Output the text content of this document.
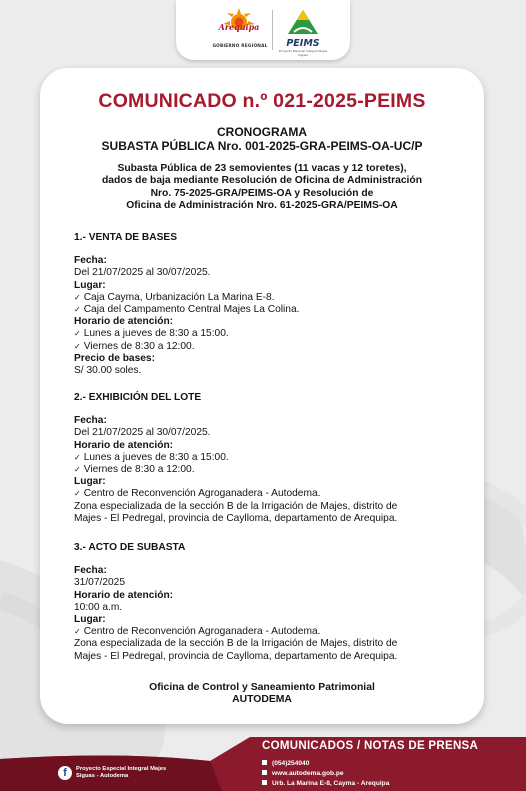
Arequipa
GOBIERNO REGIONAL	PEIMS
Proyecto Especial Integral Majes Siguas
COMUNICADO n.º 021-2025-PEIMS
CRONOGRAMA
SUBASTA PÚBLICA Nro. 001-2025-GRA-PEIMS-OA-UC/P
Subasta Pública de 23 semovientes (11 vacas y 12 toretes),
dados de baja mediante Resolución de Oficina de Administración
Nro. 75-2025-GRA/PEIMS-OA y Resolución de
Oficina de Administración Nro. 61-2025-GRA/PEIMS-OA
1.- VENTA DE BASES
Fecha:
Del 21/07/2025 al 30/07/2025.
Lugar:
✓ Caja Cayma, Urbanización La Marina E-8.
✓ Caja del Campamento Central Majes La Colina.
Horario de atención:
✓ Lunes a jueves de 8:30 a 15:00.
✓ Viernes de 8:30 a 12:00.
Precio de bases:
S/ 30.00 soles.
2.- EXHIBICIÓN DEL LOTE
Fecha:
Del 21/07/2025 al 30/07/2025.
Horario de atención:
✓ Lunes a jueves de 8:30 a 15:00.
✓ Viernes de 8:30 a 12:00.
Lugar:
✓ Centro de Reconvención Agroganadera - Autodema.
Zona especializada de la sección B de la Irrigación de Majes, distrito de
Majes - El Pedregal, provincia de Caylloma, departamento de Arequipa.
3.- ACTO DE SUBASTA
Fecha:
31/07/2025
Horario de atención:
10:00 a.m.
Lugar:
✓ Centro de Reconvención Agroganadera - Autodema.
Zona especializada de la sección B de la Irrigación de Majes, distrito de
Majes - El Pedregal, provincia de Caylloma, departamento de Arequipa.
Oficina de Control y Saneamiento Patrimonial
AUTODEMA
f	Proyecto Especial Integral Majes
Siguas - Autodema
COMUNICADOS / NOTAS DE PRENSA
(054)254040
www.autodema.gob.pe
Urb. La Marina E-8, Cayma - Arequipa
